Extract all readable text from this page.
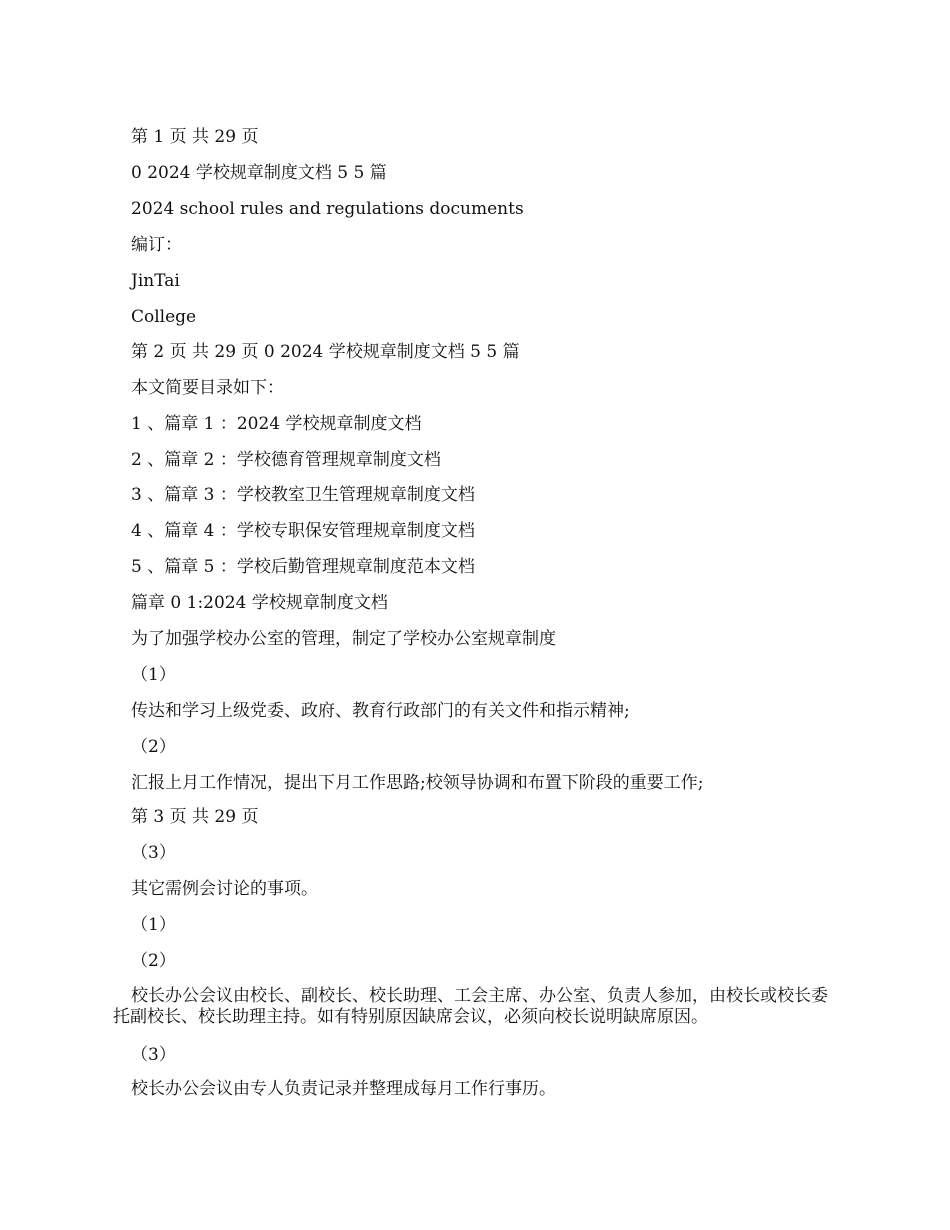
第 1 页 共 29 页

0 2024 学校规章制度文档 5 5 篇

2024 school rules and regulations documents

编订：

JinTai

College

第 2 页 共 29 页 0 2024 学校规章制度文档 5 5 篇

本文简要目录如下：

1 、篇章 1 ：2024 学校规章制度文档

2 、篇章 2 ：学校德育管理规章制度文档

3 、篇章 3 ：学校教室卫生管理规章制度文档

4 、篇章 4 ：学校专职保安管理规章制度文档

5 、篇章 5 ：学校后勤管理规章制度范本文档

篇章 0 1:2024 学校规章制度文档

为了加强学校办公室的管理，制定了学校办公室规章制度

（1）

传达和学习上级党委、政府、教育行政部门的有关文件和指示精神;

（2）

汇报上月工作情况，提出下月工作思路;校领导协调和布置下阶段的重要工作;

第 3 页 共 29 页

（3）

其它需例会讨论的事项。

（1）

（2）

校长办公会议由校长、副校长、校长助理、工会主席、办公室、负责人参加，由校长或校长委托副校长、校长助理主持。如有特别原因缺席会议，必须向校长说明缺席原因。

（3）

校长办公会议由专人负责记录并整理成每月工作行事历。
